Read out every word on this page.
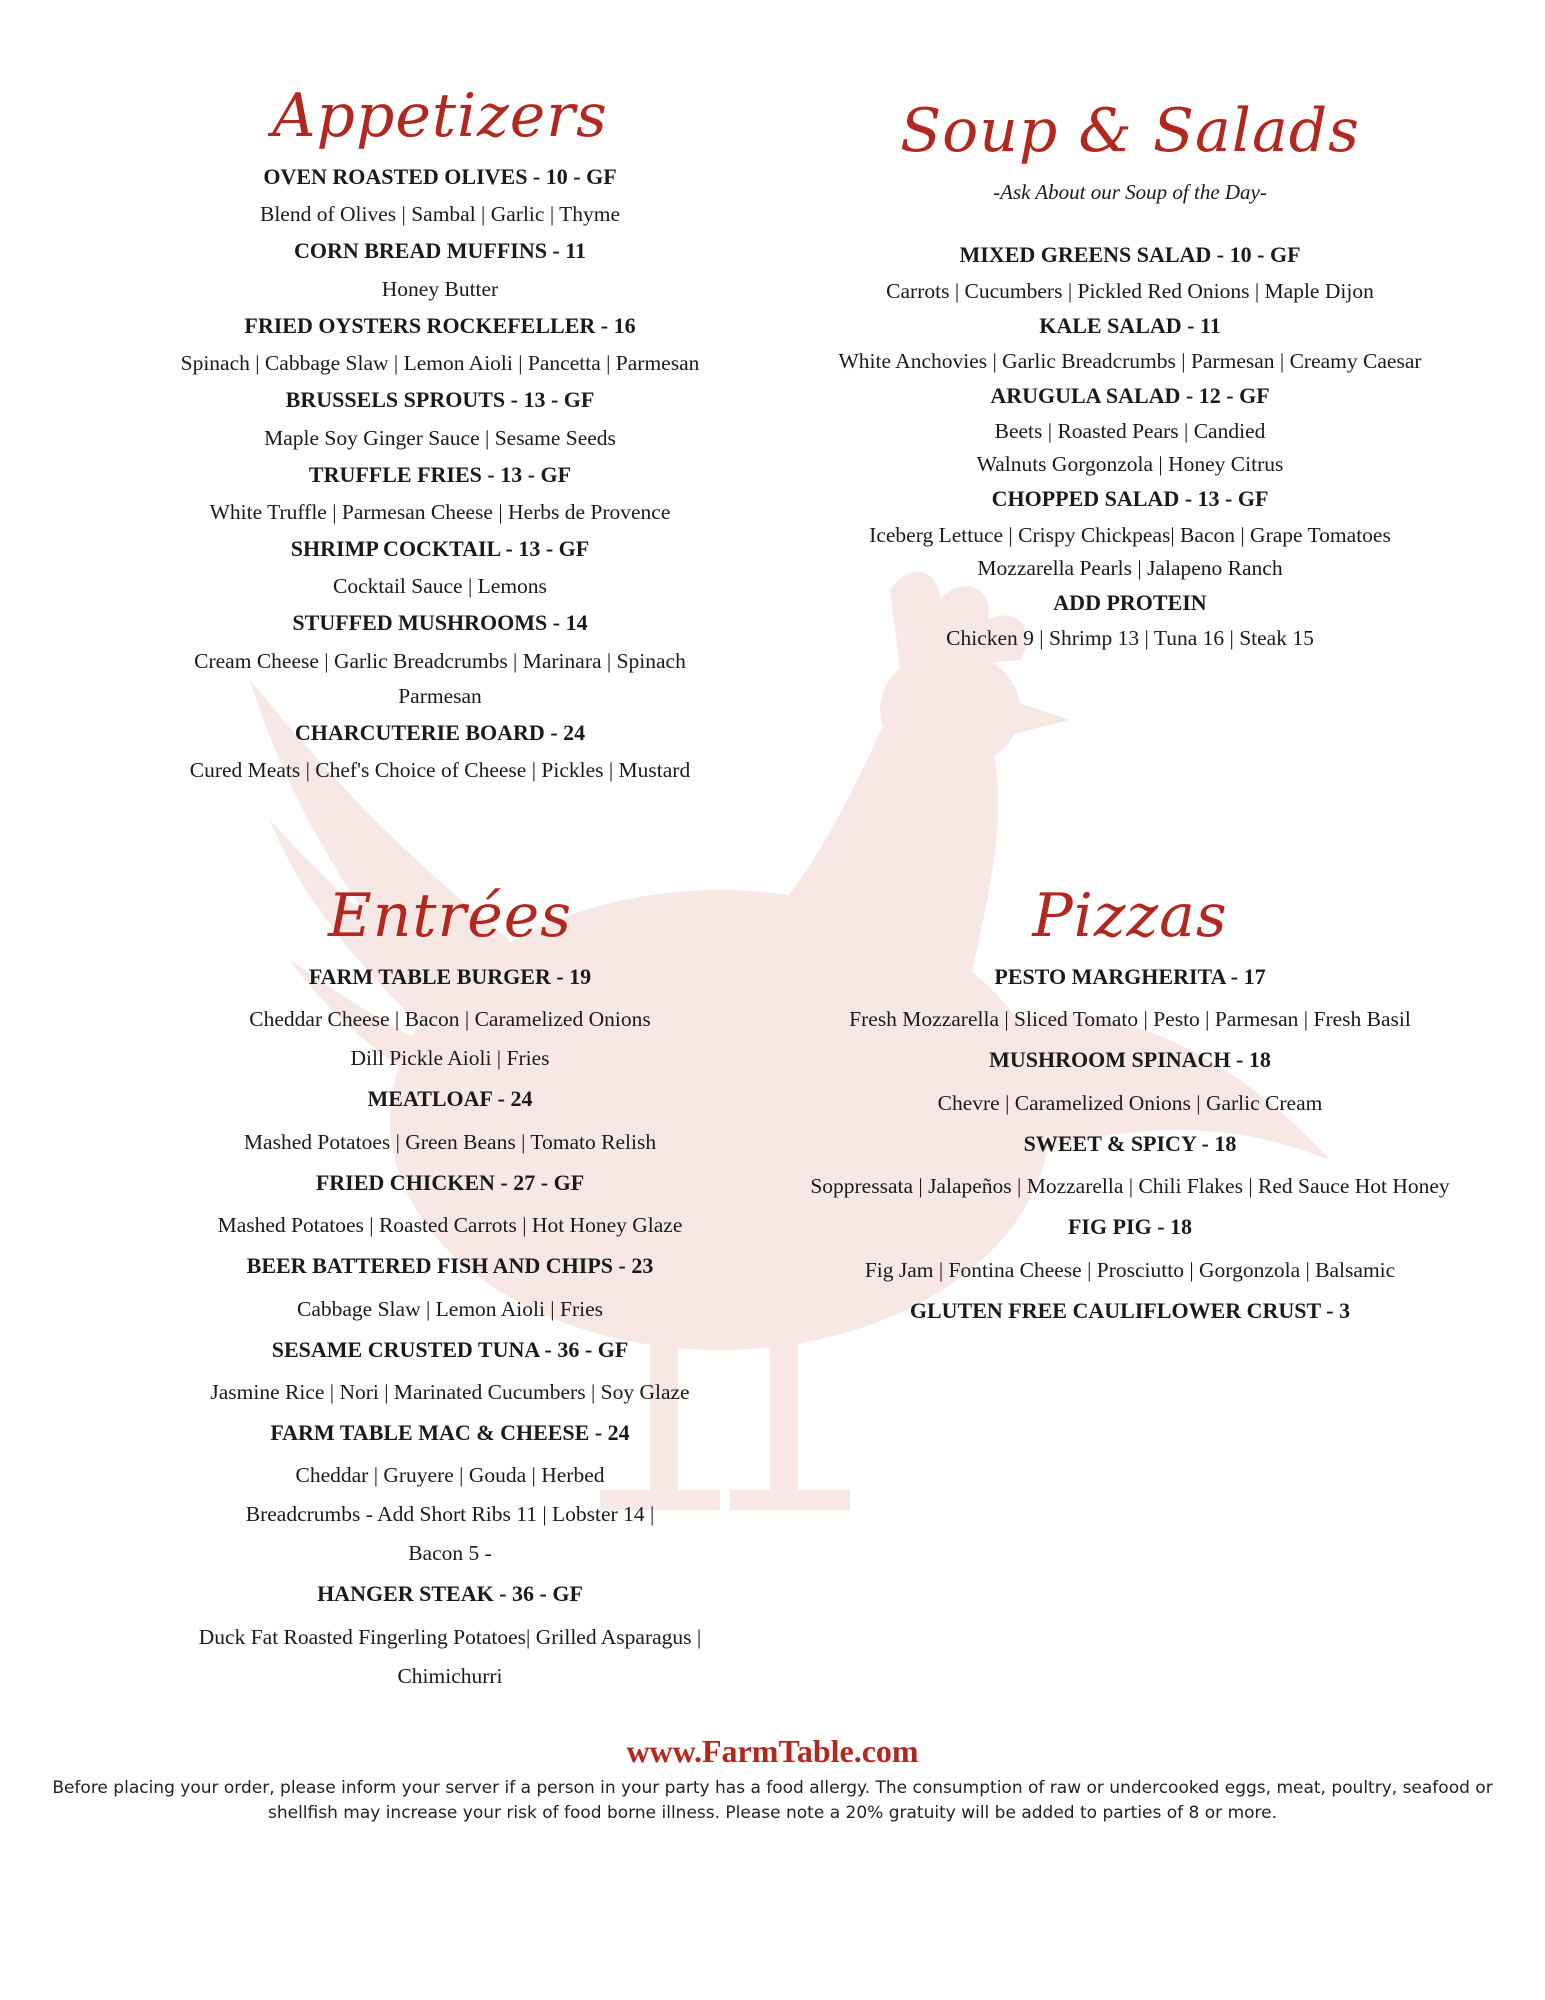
Appetizers
OVEN ROASTED OLIVES - 10 - GF
Blend of Olives | Sambal | Garlic | Thyme
CORN BREAD MUFFINS - 11
Honey Butter
FRIED OYSTERS ROCKEFELLER - 16
Spinach | Cabbage Slaw | Lemon Aioli | Pancetta | Parmesan
BRUSSELS SPROUTS - 13 - GF
Maple Soy Ginger Sauce | Sesame Seeds
TRUFFLE FRIES - 13 - GF
White Truffle | Parmesan Cheese | Herbs de Provence
SHRIMP COCKTAIL - 13 - GF
Cocktail Sauce | Lemons
STUFFED MUSHROOMS - 14
Cream Cheese | Garlic Breadcrumbs | Marinara | Spinach Parmesan
CHARCUTERIE BOARD - 24
Cured Meats | Chef's Choice of Cheese | Pickles | Mustard
Soup & Salads
-Ask About our Soup of the Day-
MIXED GREENS SALAD - 10 - GF
Carrots | Cucumbers | Pickled Red Onions | Maple Dijon
KALE SALAD - 11
White Anchovies | Garlic Breadcrumbs | Parmesan | Creamy Caesar
ARUGULA SALAD - 12 - GF
Beets | Roasted Pears | Candied Walnuts Gorgonzola | Honey Citrus
CHOPPED SALAD - 13 - GF
Iceberg Lettuce | Crispy Chickpeas| Bacon | Grape Tomatoes Mozzarella Pearls | Jalapeno Ranch
ADD PROTEIN
Chicken 9 | Shrimp 13 | Tuna 16 | Steak 15
Entrées
FARM TABLE BURGER - 19
Cheddar Cheese | Bacon | Caramelized Onions Dill Pickle Aioli | Fries
MEATLOAF - 24
Mashed Potatoes | Green Beans | Tomato Relish
FRIED CHICKEN - 27 - GF
Mashed Potatoes | Roasted Carrots | Hot Honey Glaze
BEER BATTERED FISH AND CHIPS - 23
Cabbage Slaw | Lemon Aioli | Fries
SESAME CRUSTED TUNA - 36 - GF
Jasmine Rice | Nori | Marinated Cucumbers | Soy Glaze
FARM TABLE MAC & CHEESE - 24
Cheddar | Gruyere | Gouda | Herbed Breadcrumbs - Add Short Ribs 11 | Lobster 14 | Bacon 5 -
HANGER STEAK - 36 - GF
Duck Fat Roasted Fingerling Potatoes| Grilled Asparagus | Chimichurri
Pizzas
PESTO MARGHERITA - 17
Fresh Mozzarella | Sliced Tomato | Pesto | Parmesan | Fresh Basil
MUSHROOM SPINACH - 18
Chevre | Caramelized Onions | Garlic Cream
SWEET & SPICY - 18
Soppressata | Jalapeños | Mozzarella | Chili Flakes | Red Sauce Hot Honey
FIG PIG - 18
Fig Jam | Fontina Cheese | Prosciutto | Gorgonzola | Balsamic
GLUTEN FREE CAULIFLOWER CRUST - 3
www.FarmTable.com
Before placing your order, please inform your server if a person in your party has a food allergy. The consumption of raw or undercooked eggs, meat, poultry, seafood or shellfish may increase your risk of food borne illness. Please note a 20% gratuity will be added to parties of 8 or more.
